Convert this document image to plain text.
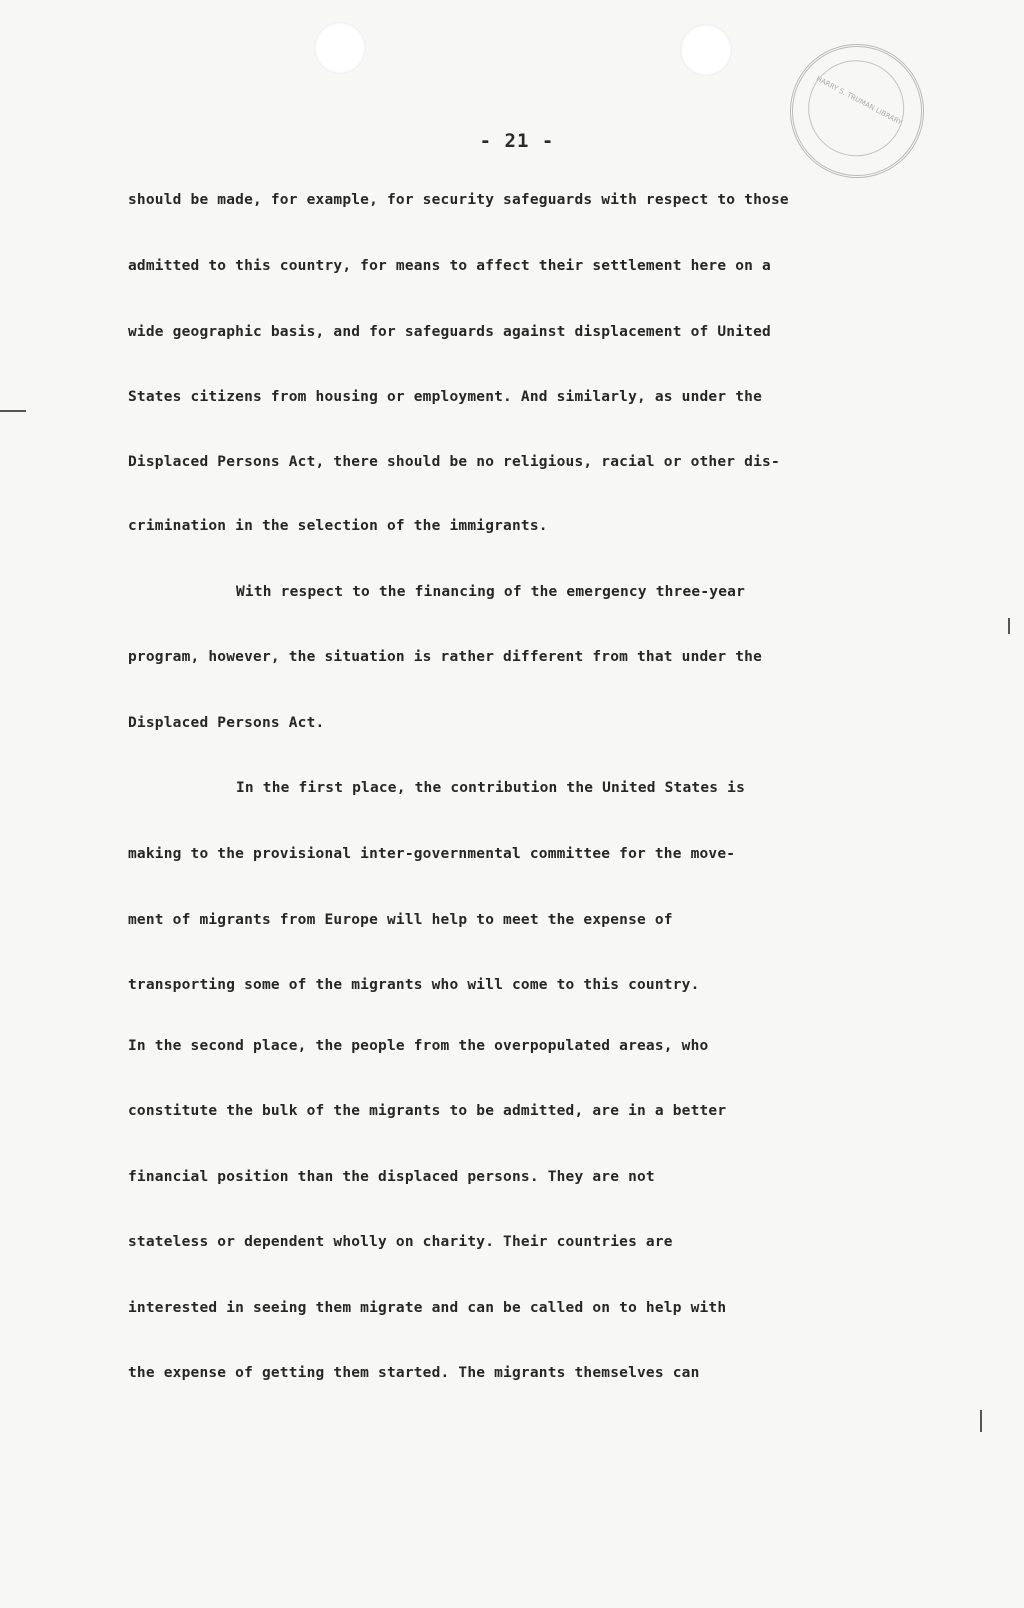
HARRY S. TRUMAN LIBRARY
- 21 -
should be made, for example, for security safeguards with respect to those
admitted to this country, for means to affect their settlement here on a
wide geographic basis, and for safeguards against displacement of United
States citizens from housing or employment. And similarly, as under the
Displaced Persons Act, there should be no religious, racial or other dis-
crimination in the selection of the immigrants.
With respect to the financing of the emergency three-year
program, however, the situation is rather different from that under the
Displaced Persons Act.
In the first place, the contribution the United States is
making to the provisional inter-governmental committee for the move-
ment of migrants from Europe will help to meet the expense of
transporting some of the migrants who will come to this country.
In the second place, the people from the overpopulated areas, who
constitute the bulk of the migrants to be admitted, are in a better
financial position than the displaced persons. They are not
stateless or dependent wholly on charity. Their countries are
interested in seeing them migrate and can be called on to help with
the expense of getting them started. The migrants themselves can
